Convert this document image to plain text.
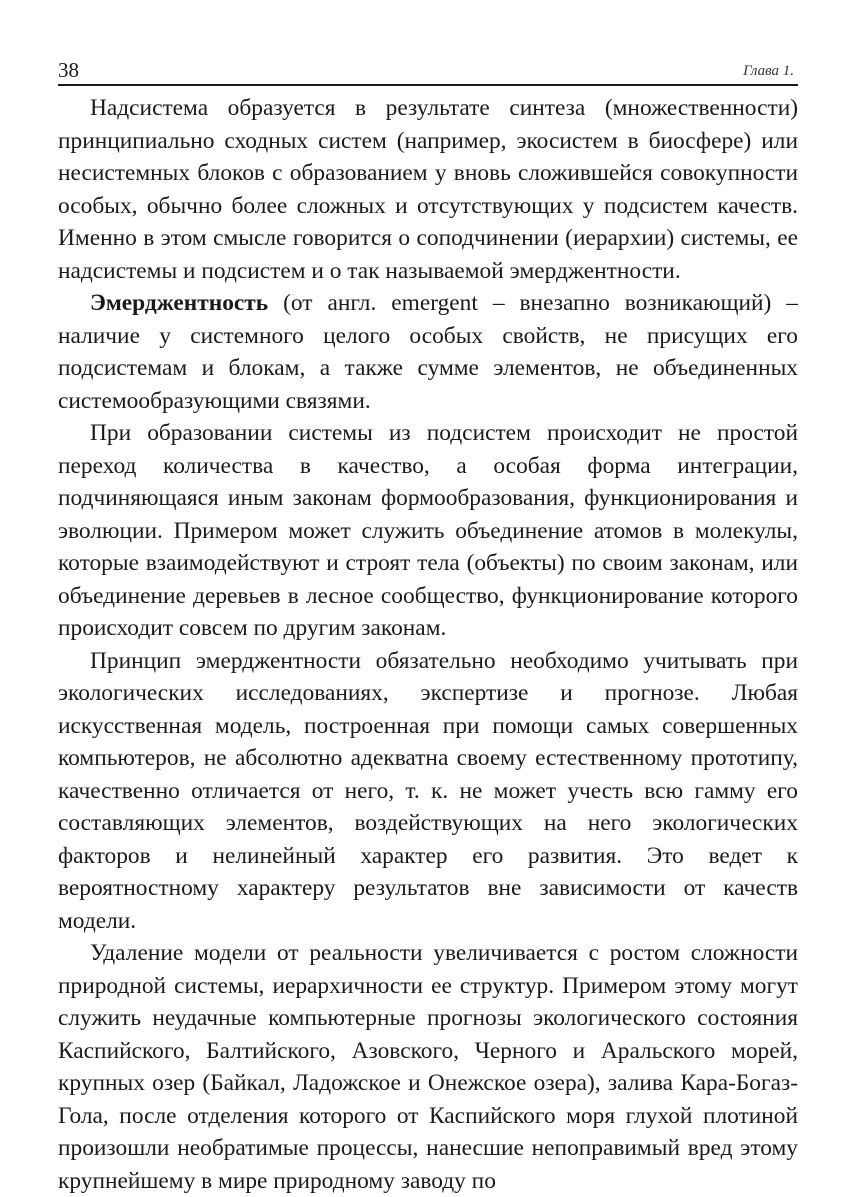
38	Глава 1.

Надсистема образуется в результате синтеза (множественности) принципиально сходных систем (например, экосистем в биосфере) или несистемных блоков с образованием у вновь сложившейся совокупности особых, обычно более сложных и отсутствующих у подсистем качеств. Именно в этом смысле говорится о соподчинении (иерархии) системы, ее надсистемы и подсистем и о так называемой эмерджентности.

Эмерджентность (от англ. emergent – внезапно возникающий) – наличие у системного целого особых свойств, не присущих его подсистемам и блокам, а также сумме элементов, не объединенных системообразующими связями.

При образовании системы из подсистем происходит не простой переход количества в качество, а особая форма интеграции, подчиняющаяся иным законам формообразования, функционирования и эволюции. Примером может служить объединение атомов в молекулы, которые взаимодействуют и строят тела (объекты) по своим законам, или объединение деревьев в лесное сообщество, функционирование которого происходит совсем по другим законам.

Принцип эмерджентности обязательно необходимо учитывать при экологических исследованиях, экспертизе и прогнозе. Любая искусственная модель, построенная при помощи самых совершенных компьютеров, не абсолютно адекватна своему естественному прототипу, качественно отличается от него, т. к. не может учесть всю гамму его составляющих элементов, воздействующих на него экологических факторов и нелинейный характер его развития. Это ведет к вероятностному характеру результатов вне зависимости от качеств модели.

Удаление модели от реальности увеличивается с ростом сложности природной системы, иерархичности ее структур. Примером этому могут служить неудачные компьютерные прогнозы экологического состояния Каспийского, Балтийского, Азовского, Черного и Аральского морей, крупных озер (Байкал, Ладожское и Онежское озера), залива Кара-Богаз-Гола, после отделения которого от Каспийского моря глухой плотиной произошли необратимые процессы, нанесшие непоправимый вред этому крупнейшему в мире природному заводу по
